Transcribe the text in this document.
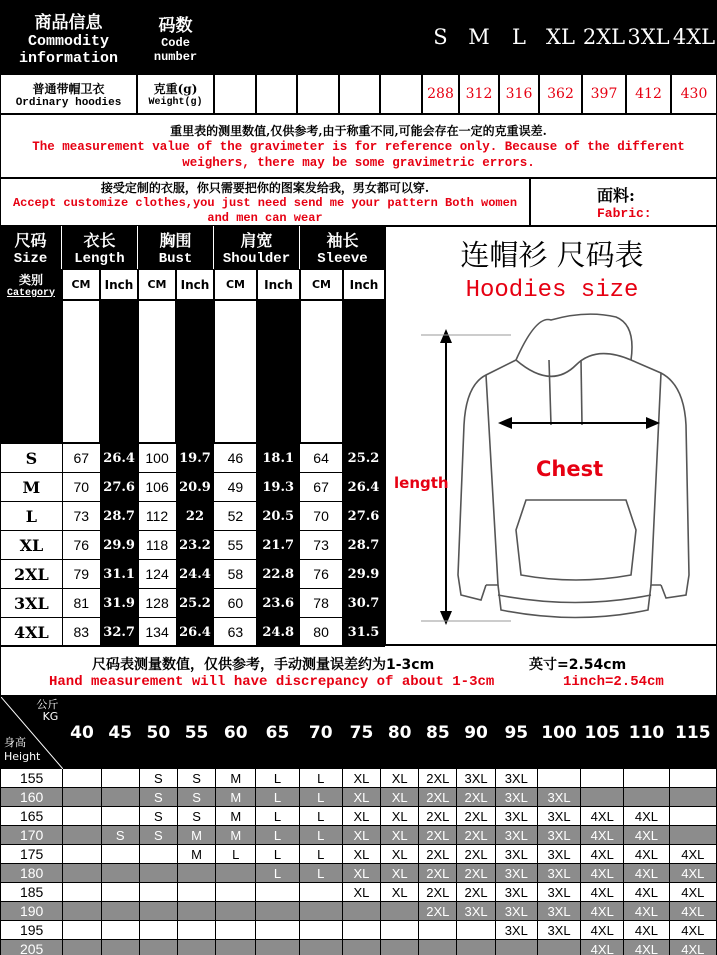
商品信息
Commodity
information
码数
Code
number
S M	L XL 2XL 3XL 4XL
普通带帽卫衣
Ordinary hoodies
克重(g)
Weight(g)
288 312 316	362	397	412	430
重里表的测里数值,仅供参考,由于称重不同,可能会存在一定的克重误差.
The measurement value of the gravimeter is for reference only. Because of the different weighers, there may be some gravimetric errors.
接受定制的衣服，你只需要把你的图案发给我，男女都可以穿.
Accept customize clothes,you just need send me your pattern Both women and men can wear
面料:
Fabric:
尺码
Size
衣长
Length
胸围
Bust
肩宽
Shoulder
袖长
Sleeve
类别
Category
CM	Inch	CM	Inch	CM	Inch	CM	Inch
S	67	26.4	100	19.7	46	18.1	64	25.2
M	70	27.6	106	20.9	49	19.3	67	26.4
L	73	28.7	112	22	52	20.5	70	27.6
XL	76	29.9	118	23.2	55	21.7	73	28.7
2XL	79	31.1	124	24.4	58	22.8	76	29.9
3XL	81	31.9	128	25.2	60	23.6	78	30.7
4XL	83	32.7	134	26.4	63	24.8	80	31.5
连帽衫 尺码表
Hoodies size
length
Chest
尺码表测量数值，仅供参考，手动测量误差约为1-3cm	英寸=2.54cm
Hand measurement will have discrepancy of about 1-3cm	1inch=2.54cm
公斤
KG
身高
Height	40	45	50	55	60	65	70	75	80	85	90	95	100	105	110	115
155			S	S	M	L	L	XL	XL	2XL	3XL	3XL				
160			S	S	M	L	L	XL	XL	2XL	2XL	3XL	3XL			
165			S	S	M	L	L	XL	XL	2XL	2XL	3XL	3XL	4XL	4XL	
170		S	S	M	M	L	L	XL	XL	2XL	2XL	3XL	3XL	4XL	4XL	
175				M	L	L	L	XL	XL	2XL	2XL	3XL	3XL	4XL	4XL	4XL
180						L	L	XL	XL	2XL	2XL	3XL	3XL	4XL	4XL	4XL
185								XL	XL	2XL	2XL	3XL	3XL	4XL	4XL	4XL
190										2XL	3XL	3XL	3XL	4XL	4XL	4XL
195												3XL	3XL	4XL	4XL	4XL
205														4XL	4XL	4XL
